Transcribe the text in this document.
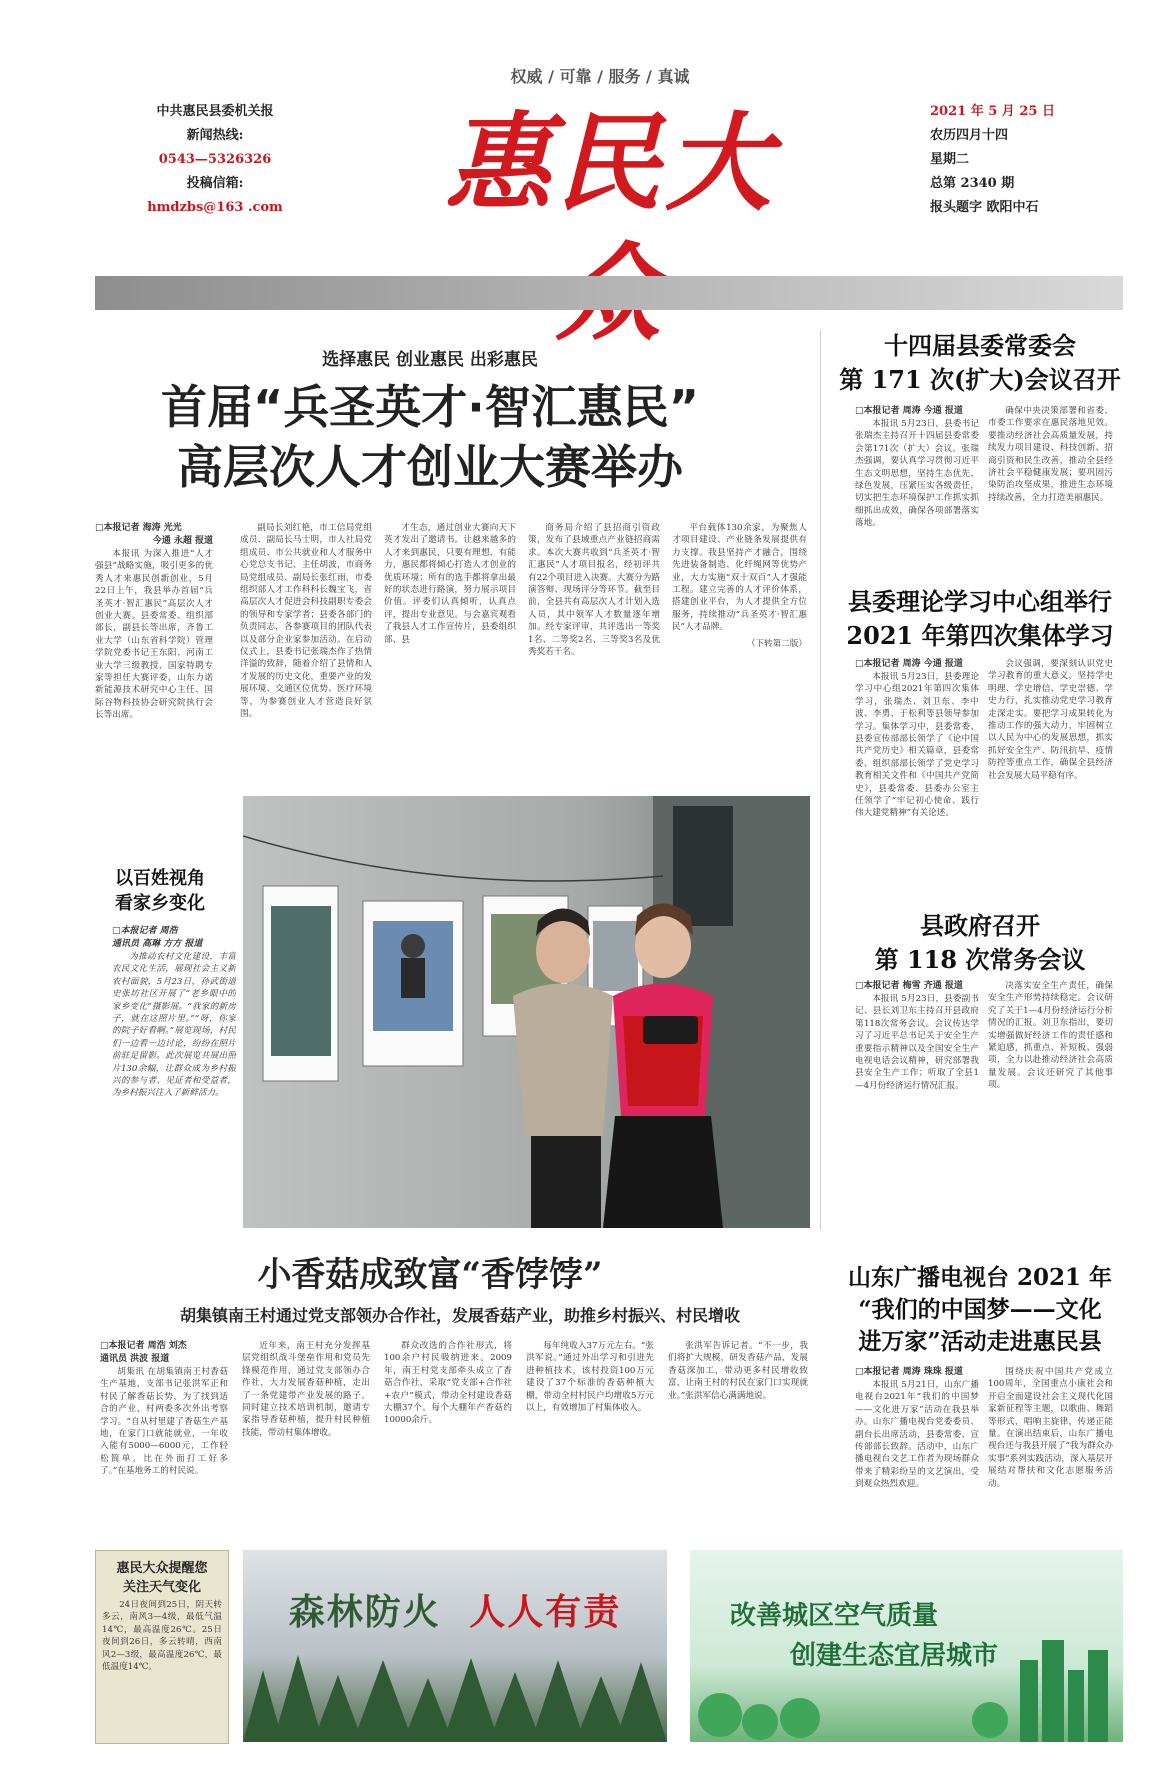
权威 / 可靠 / 服务 / 真诚
中共惠民县委机关报
新闻热线:
0543—5326326
投稿信箱:
hmdzbs@163 .com	惠民大	2021 年 5 月 25 日
农历四月十四
星期二
总第 2340 期
报头题字 欧阳中石
选择惠民 创业惠民 出彩惠民
首届“兵圣英才·智汇惠民”
高层次人才创业大赛举办
□本报记者 海涛 光光
今通 永超 报道

本报讯 为深入推进“人才强县”战略实施，吸引更多的优秀人才来惠民创新创业，5月22日上午，我县举办首届“兵圣英才·智汇惠民”高层次人才创业大赛。县委常委、组织部部长，副县长等出席，齐鲁工业大学（山东省科学院）管理学院党委书记王东阳、河南工业大学三级教授、国家特聘专家等担任大赛评委，山东力诺新能源技术研究中心主任、国际谷物科技协会研究院执行会长等出席。

副局长刘红艳，市工信局党组成员、副局长马士明，市人社局党组成员、市公共就业和人才服务中心党总支书记、主任胡波，市商务局党组成员、副局长张红雨，市委组织部人才工作科科长魏宝飞，省高层次人才促进会科技副职专委会的领导和专家学者；县委各部门的负责同志，各参赛项目的团队代表以及部分企业家参加活动。在启动仪式上，县委书记张瑞杰作了热情洋溢的致辞，随着介绍了县情和人才发展的历史文化，重要产业的发展环境、交通区位优势、医疗环境等，为参赛创业人才营造良好氛围。

才生态，通过创业大赛向天下英才发出了邀请书。让越来越多的人才来到惠民，只要有理想、有能力，惠民都将倾心打造人才创业的优质环境；所有的选手都将拿出最好的状态进行路演，努力展示项目价值。评委们认真倾听，认真点评，提出专业意见。与会嘉宾观看了我县人才工作宣传片，县委组织部、县

商务局介绍了县招商引资政策，发布了县域重点产业链招商需求。本次大赛共收到“兵圣英才·智汇惠民”人才项目报名，经初评共有22个项目进入决赛。大赛分为路演答辩、现场评分等环节。截至目前，全县共有高层次人才计划入选人员，其中领军人才数量逐年增加。经专家评审，共评选出一等奖1名、二等奖2名、三等奖3名及优秀奖若干名。

平台载体130余家，为聚焦人才项目建设、产业链条发展提供有力支撑。我县坚持产才融合，围绕先进装备制造、化纤绳网等优势产业，大力实施“双十双百”人才强能工程。建立完善的人才评价体系，搭建创业平台，为人才提供全方位服务，持续推动“兵圣英才·智汇惠民”人才品牌。

（下转第二版）
十四届县委常委会
第 171 次(扩大)会议召开
□本报记者 周涛 今通 报道

本报讯 5月23日，县委书记张瑞杰主持召开十四届县委常委会第171次（扩大）会议。张瑞杰强调，要认真学习贯彻习近平生态文明思想，坚持生态优先、绿色发展，压紧压实各级责任，切实把生态环境保护工作抓实抓细抓出成效，确保各项部署落实落地。

确保中央决策部署和省委、市委工作要求在惠民落地见效。要推动经济社会高质量发展，持续发力项目建设、科技创新、招商引资和民生改善，推动全县经济社会平稳健康发展；要巩固污染防治攻坚成果，推进生态环境持续改善，全力打造美丽惠民。

县委理论学习中心组举行
2021 年第四次集体学习
□本报记者 周涛 今通 报道

本报讯 5月23日，县委理论学习中心组2021年第四次集体学习，张瑞杰、刘卫东、李中波、李勇、于松利等县领导参加学习。集体学习中，县委常委、县委宣传部部长领学了《论中国共产党历史》相关篇章，县委常委、组织部部长领学了党史学习教育相关文件和《中国共产党简史》，县委常委、县委办公室主任领学了“牢记初心使命、践行伟大建党精神”有关论述。

会议强调，要深刻认识党史学习教育的重大意义，坚持学史明理、学史增信、学史崇德、学史力行，扎实推动党史学习教育走深走实。要把学习成果转化为推动工作的强大动力，牢固树立以人民为中心的发展思想，抓实抓好安全生产、防汛抗旱、疫情防控等重点工作，确保全县经济社会发展大局平稳有序。

县政府召开
第 118 次常务会议
□本报记者 梅雪 齐通 报道

本报讯 5月23日，县委副书记、县长刘卫东主持召开县政府第118次常务会议。会议传达学习了习近平总书记关于安全生产重要指示精神以及全国安全生产电视电话会议精神，研究部署我县安全生产工作；听取了全县1—4月份经济运行情况汇报。

决落实安全生产责任，确保安全生产形势持续稳定。会议研究了关于1—4月份经济运行分析情况的汇报。刘卫东指出，要切实增强做好经济工作的责任感和紧迫感，抓重点、补短板、强弱项，全力以赴推动经济社会高质量发展。会议还研究了其他事项。

山东广播电视台 2021 年
“我们的中国梦——文化
进万家”活动走进惠民县
□本报记者 周涛 珠珠 报道

本报讯 5月21日，山东广播电视台2021年“我们的中国梦——文化进万家”活动在我县举办。山东广播电视台党委委员、副台长出席活动，县委常委、宣传部部长致辞。活动中，山东广播电视台文艺工作者为现场群众带来了精彩纷呈的文艺演出，受到观众热烈欢迎。

围绕庆祝中国共产党成立100周年，全国重点小康社会和开启全面建设社会主义现代化国家新征程等主题，以歌曲、舞蹈等形式，唱响主旋律，传递正能量。在演出结束后，山东广播电视台还与我县开展了“我为群众办实事”系列实践活动，深入基层开展结对帮扶和文化志愿服务活动。

以百姓视角
看家乡变化
□本报记者 周浩
通讯员 高琳 方方 报道

为推动农村文化建设，丰富农民文化生活，展现社会主义新农村面貌，5月23日，孙武街道史张坊社区开展了“老乡眼中的家乡变化”摄影展。“我家的新房子，就在这照片里。”“呀，你家的院子好看啊。”展览现场，村民们一边看一边讨论，纷纷在照片前驻足留影。此次展览共展出照片130余幅，让群众成为乡村振兴的参与者、见证者和受益者，为乡村振兴注入了新鲜活力。

小香菇成致富“香饽饽”
胡集镇南王村通过党支部领办合作社，发展香菇产业，助推乡村振兴、村民增收
□本报记者 周浩 刘杰
通讯员 洪波 报道

胡集讯 在胡集镇南王村香菇生产基地，支部书记张洪军正和村民了解香菇长势，为了找到适合的产业，村两委多次外出考察学习。“自从村里建了香菇生产基地，在家门口就能就业，一年收入能有5000—6000元，工作轻松简单，比在外面打工好多了。”在基地务工的村民说。

近年来，南王村充分发挥基层党组织战斗堡垒作用和党员先锋模范作用，通过党支部领办合作社，大力发展香菇种植，走出了一条党建带产业发展的路子。同时建立技术培训机制，邀请专家指导香菇种植，提升村民种植技能，带动村集体增收。

群众改选的合作社形式，将100余户村民吸纳进来。2009年，南王村党支部牵头成立了香菇合作社，采取“党支部+合作社+农户”模式，带动全村建设香菇大棚37个。每个大棚年产香菇约10000余斤。

每年纯收入37万元左右。“张洪军说。”通过外出学习和引进先进种植技术，该村投资100万元建设了37个标准的香菇种植大棚，带动全村村民户均增收5万元以上，有效增加了村集体收入。

张洪军告诉记者。“不一步，我们将扩大规模，研发香菇产品，发展香菇深加工，带动更多村民增收致富，让南王村的村民在家门口实现就业。”张洪军信心满满地说。

惠民大众提醒您
关注天气变化
24日夜间到25日，阴天转多云，南风3—4级，最低气温14℃，最高温度26℃。25日夜间到26日，多云转晴，西南风2—3级，最高温度26℃，最低温度14℃。
森林防火 人人有责	改善城区空气质量
创建生态宜居城市
